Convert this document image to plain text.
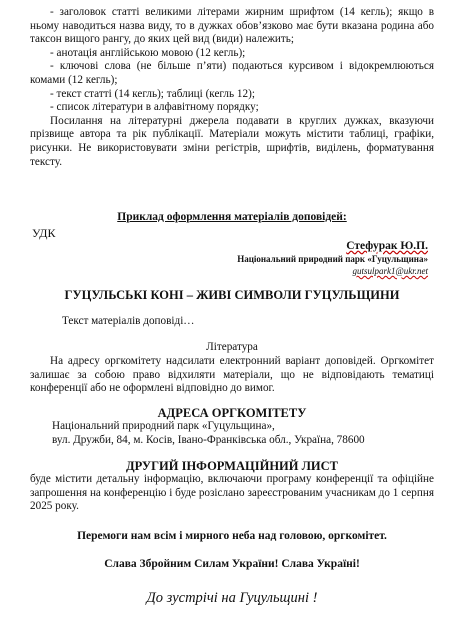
- заголовок статті великими літерами жирним шрифтом (14 кегль); якщо в ньому наводиться назва виду, то в дужках обов’язково має бути вказана родина або таксон вищого рангу, до яких цей вид (види) належить;

- анотація англійською мовою (12 кегль);

- ключові слова (не більше п’яти) подаються курсивом і відокремлюються комами (12 кегль);

- текст статті (14 кегль); таблиці (кегль 12);

- список літератури в алфавітному порядку;

Посилання на літературні джерела подавати в круглих дужках, вказуючи прізвище автора та рік публікації. Матеріали можуть містити таблиці, графіки, рисунки. Не використовувати зміни регістрів, шрифтів, виділень, форматування тексту.

Приклад оформлення матеріалів доповідей:
УДК
Стефурак Ю.П.
Національний природний парк «Гуцульщина»
gutsulpark1@ukr.net
ГУЦУЛЬСЬКІ КОНІ – ЖИВІ СИМВОЛИ ГУЦУЛЬЩИНИ
Текст матеріалів доповіді…
Література

На адресу оргкомітету надсилати електронний варіант доповідей. Оргкомітет залишає за собою право відхиляти матеріали, що не відповідають тематиці конференції або не оформлені відповідно до вимог.

АДРЕСА ОРГКОМІТЕТУ
Національний природний парк «Гуцульщина»,
вул. Дружби, 84, м. Косів, Івано-Франківська обл., Україна, 78600
ДРУГИЙ ІНФОРМАЦІЙНИЙ ЛИСТ

буде містити детальну інформацію, включаючи програму конференції та офіційне запрошення на конференцію і буде розіслано зареєстрованим учасникам до 1 серпня 2025 року.

Перемоги нам всім і мирного неба над головою, оргкомітет.
Слава Збройним Силам України! Слава Україні!
До зустрічі на Гуцульщині !
